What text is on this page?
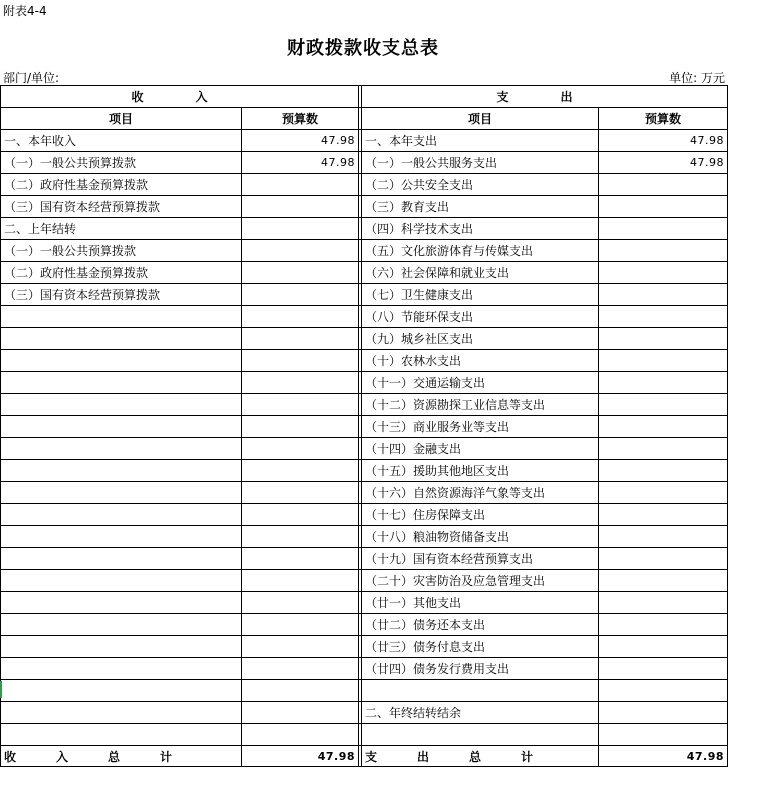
附表4-4
财政拨款收支总表
部门/单位:	单位: 万元
收　入			支　出	
项目	预算数		项目	预算数
一、本年收入	47.98		一、本年支出	47.98
（一）一般公共预算拨款	47.98		（一）一般公共服务支出	47.98
（二）政府性基金预算拨款			（二）公共安全支出	
（三）国有资本经营预算拨款			（三）教育支出	
二、上年结转			（四）科学技术支出	
（一）一般公共预算拨款			（五）文化旅游体育与传媒支出	
（二）政府性基金预算拨款			（六）社会保障和就业支出	
（三）国有资本经营预算拨款			（七）卫生健康支出	
			（八）节能环保支出	
			（九）城乡社区支出	
			（十）农林水支出	
			（十一）交通运输支出	
			（十二）资源勘探工业信息等支出	
			（十三）商业服务业等支出	
			（十四）金融支出	
			（十五）援助其他地区支出	
			（十六）自然资源海洋气象等支出	
			（十七）住房保障支出	
			（十八）粮油物资储备支出	
			（十九）国有资本经营预算支出	
			（二十）灾害防治及应急管理支出	
			（廿一）其他支出	
			（廿二）债务还本支出	
			（廿三）债务付息支出	
			（廿四）债务发行费用支出	

			二、年终结转结余	

收　入　总　计	47.98		支　出　总　计	47.98
